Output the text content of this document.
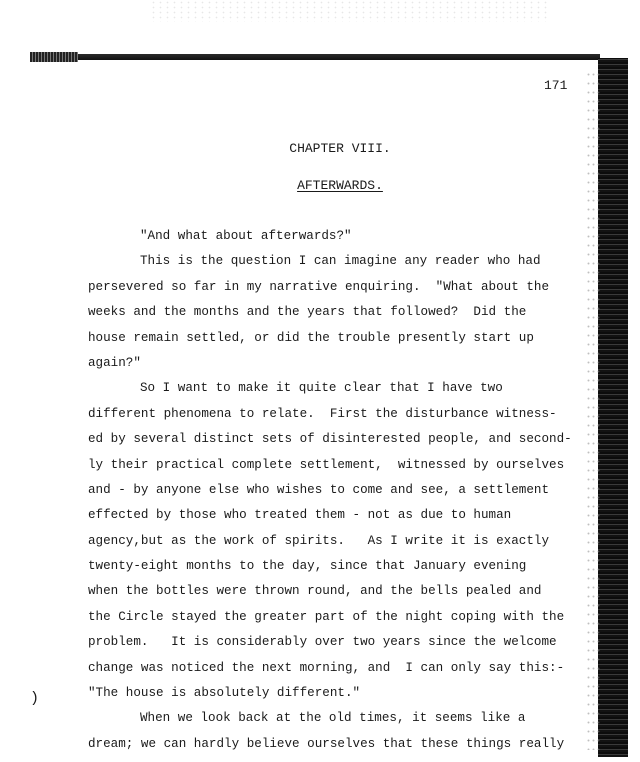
171
)
CHAPTER VIII.
AFTERWARDS.
"And what about afterwards?"
This is the question I can imagine any reader who had
persevered so far in my narrative enquiring.  "What about the
weeks and the months and the years that followed?  Did the
house remain settled, or did the trouble presently start up
again?"
So I want to make it quite clear that I have two
different phenomena to relate.  First the disturbance witness-
ed by several distinct sets of disinterested people, and second-
ly their practical complete settlement,  witnessed by ourselves
and - by anyone else who wishes to come and see, a settlement
effected by those who treated them - not as due to human
agency,but as the work of spirits.   As I write it is exactly
twenty-eight months to the day, since that January evening
when the bottles were thrown round, and the bells pealed and
the Circle stayed the greater part of the night coping with the
problem.   It is considerably over two years since the welcome
change was noticed the next morning, and  I can only say this:-
"The house is absolutely different."
When we look back at the old times, it seems like a
dream; we can hardly believe ourselves that these things really
